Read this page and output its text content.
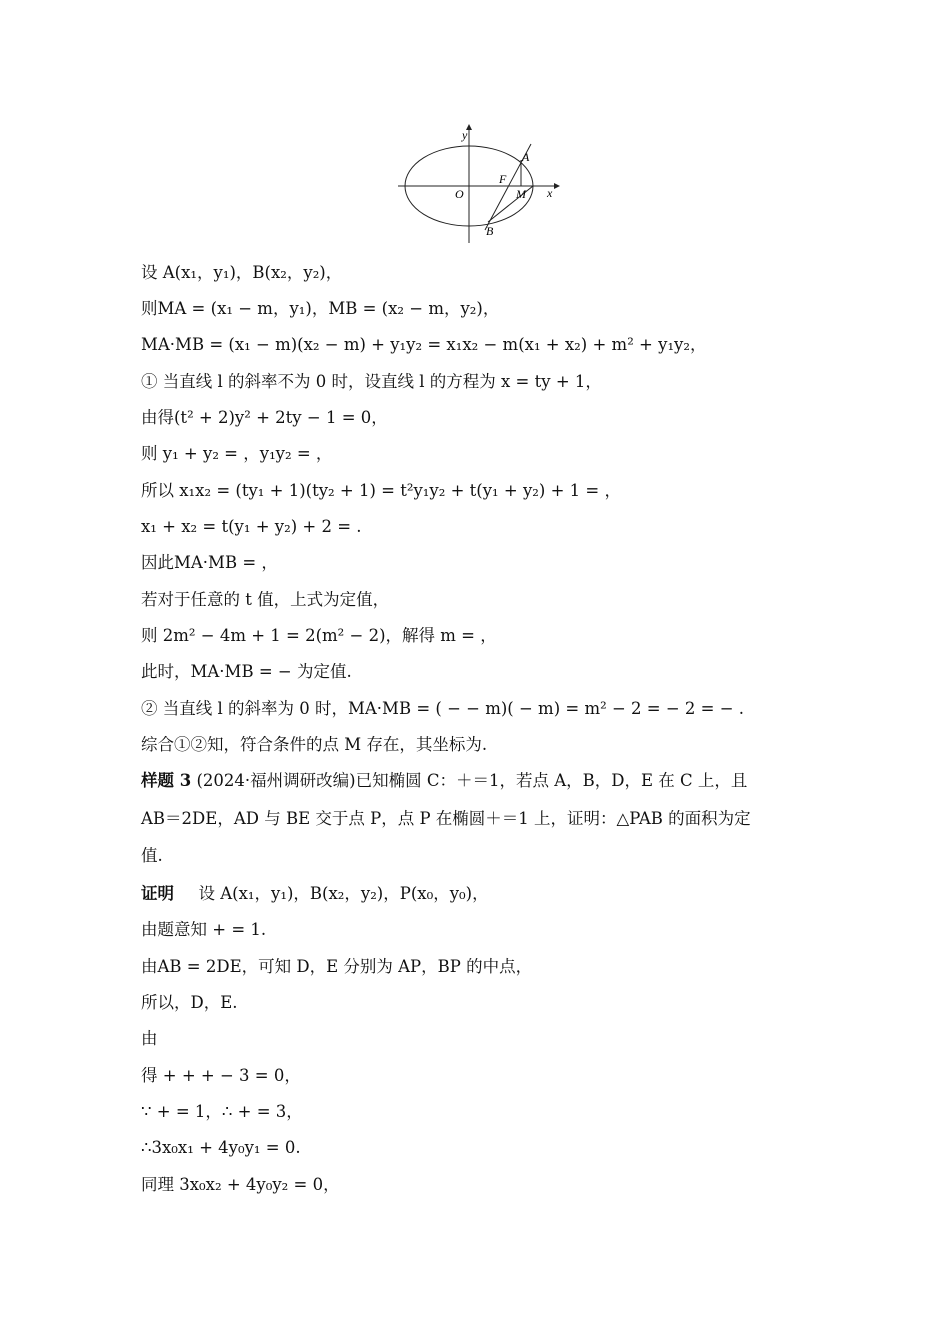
y
x
O
A
F
M
B
设 A(x₁，y₁)，B(x₂，y₂)，
则MA = (x₁ − m，y₁)，MB = (x₂ − m，y₂)，
MA·MB = (x₁ − m)(x₂ − m) + y₁y₂ = x₁x₂ − m(x₁ + x₂) + m² + y₁y₂，
① 当直线 l 的斜率不为 0 时，设直线 l 的方程为 x = ty + 1，
由得(t² + 2)y² + 2ty − 1 = 0，
则 y₁ + y₂ = ，y₁y₂ = ，
所以 x₁x₂ = (ty₁ + 1)(ty₂ + 1) = t²y₁y₂ + t(y₁ + y₂) + 1 = ，
x₁ + x₂ = t(y₁ + y₂) + 2 = .
因此MA·MB = ，
若对于任意的 t 值，上式为定值，
则 2m² − 4m + 1 = 2(m² − 2)，解得 m = ，
此时，MA·MB = − 为定值.
② 当直线 l 的斜率为 0 时，MA·MB = ( − − m)( − m) = m² − 2 = − 2 = − .
综合①②知，符合条件的点 M 存在，其坐标为.
样题 3 (2024·福州调研改编)已知椭圆 C：＋＝1，若点 A，B，D，E 在 C 上，且
AB＝2DE，AD 与 BE 交于点 P，点 P 在椭圆＋＝1 上，证明：△PAB 的面积为定
值.
证明 设 A(x₁，y₁)，B(x₂，y₂)，P(x₀，y₀)，
由题意知 + = 1.
由AB = 2DE，可知 D，E 分别为 AP，BP 的中点，
所以，D，E.
由
得 + + + − 3 = 0，
∵ + = 1，∴ + = 3，
∴3x₀x₁ + 4y₀y₁ = 0.
同理 3x₀x₂ + 4y₀y₂ = 0，
